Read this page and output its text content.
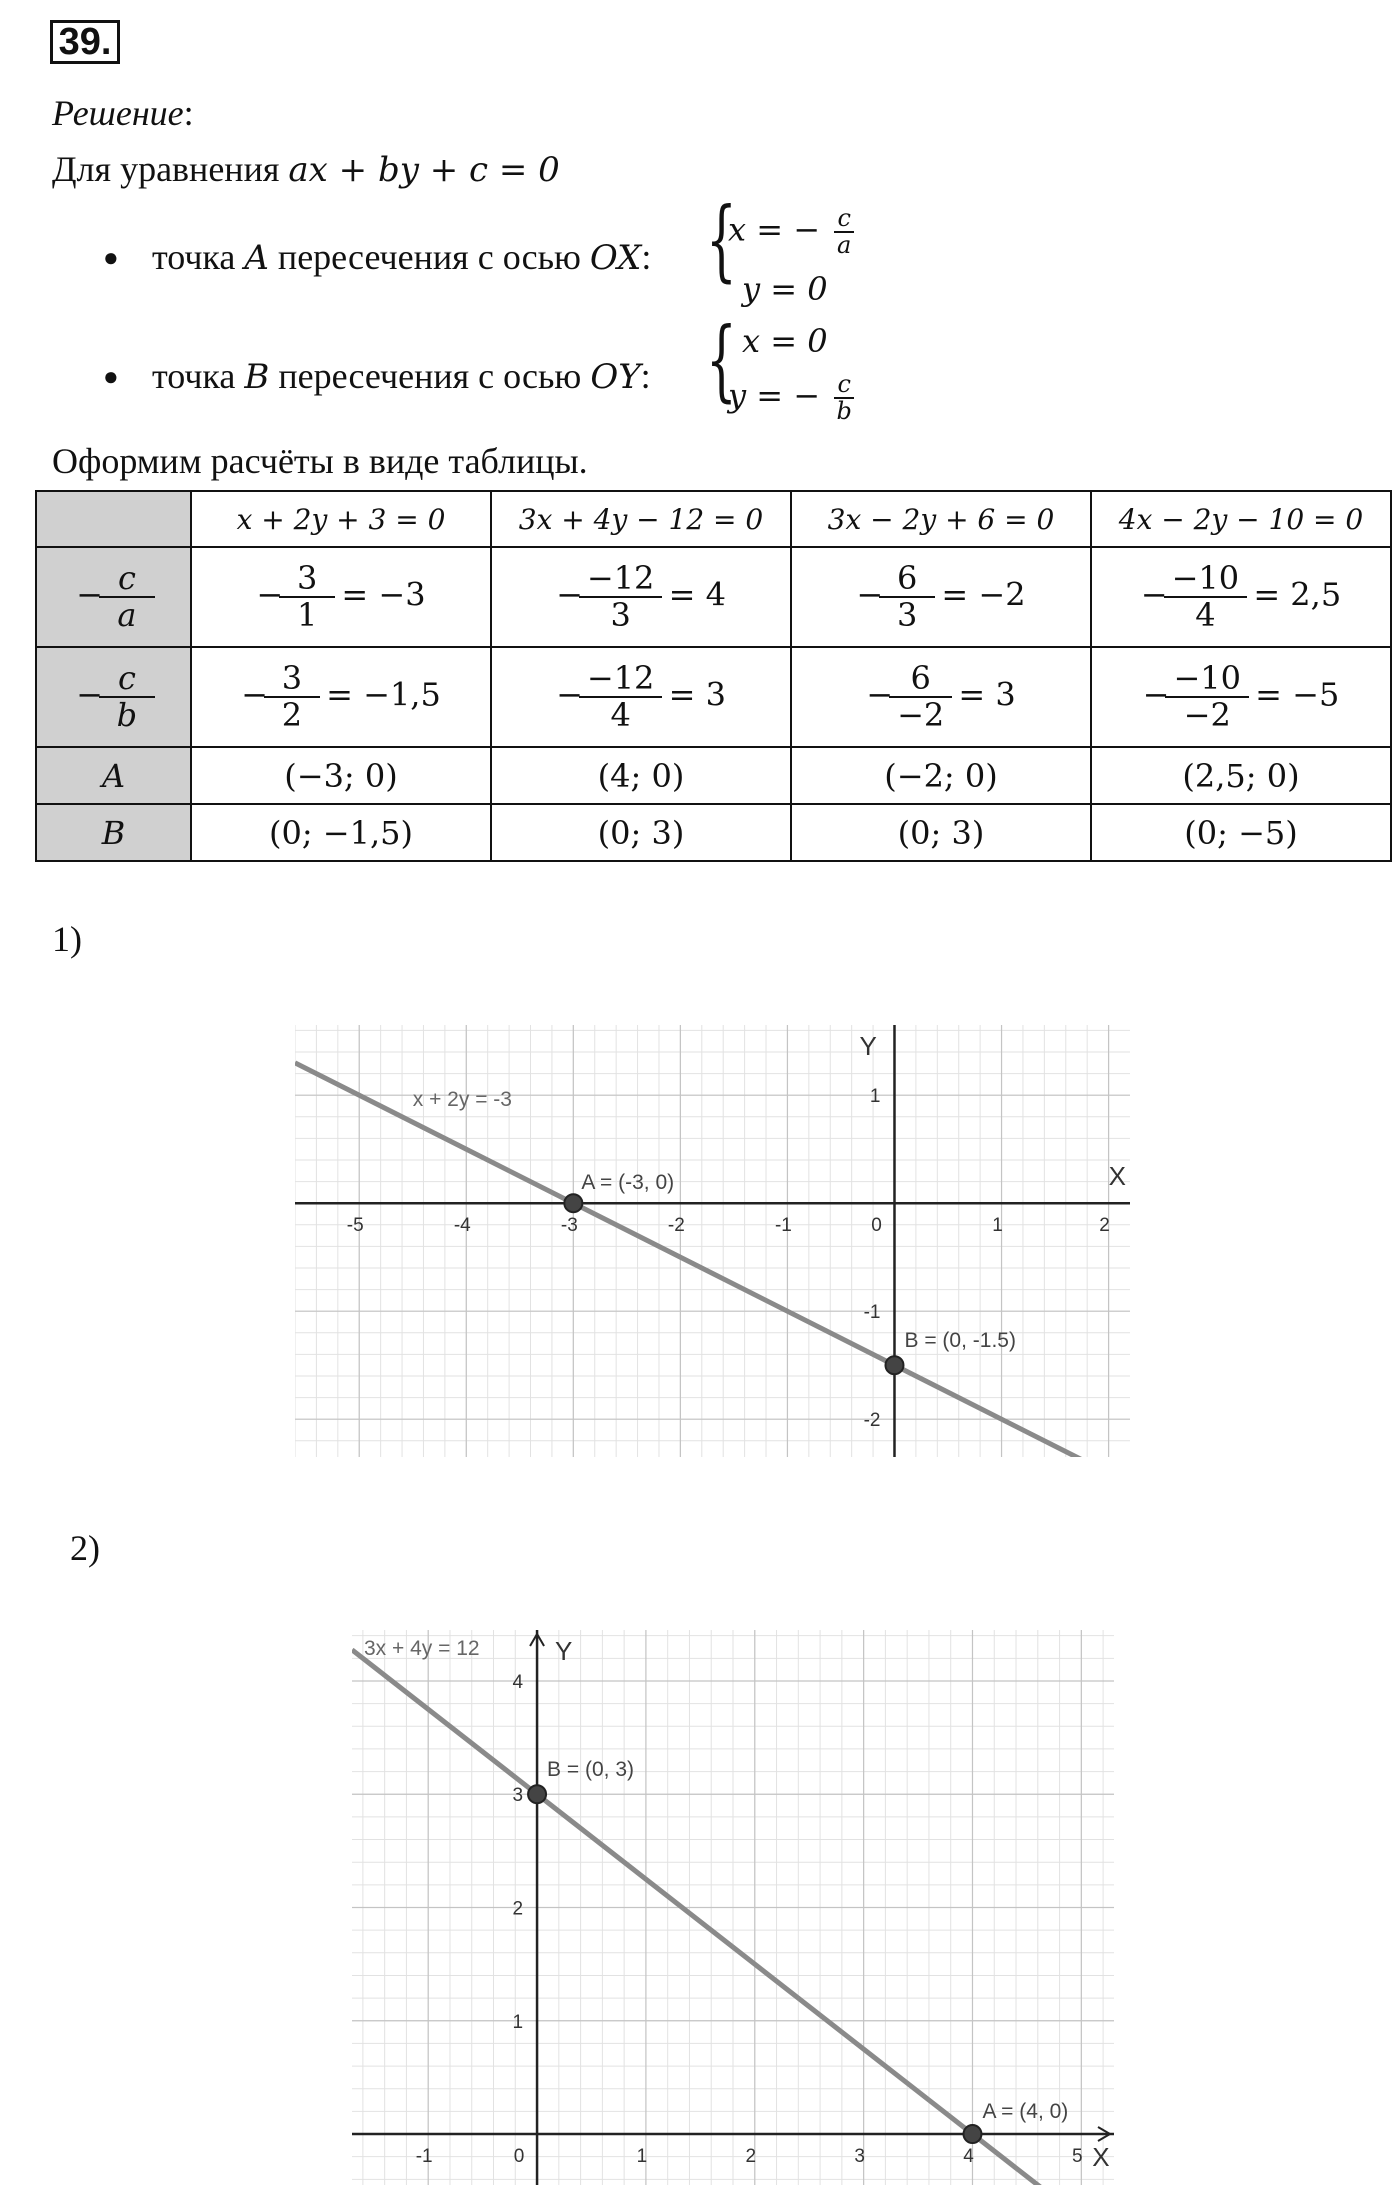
39.
Решение:
Для уравнения ax + by + c = 0
● точка A пересечения с осью OX: {
x = − $\frac{c}{a}$
y = 0
● точка B пересечения с осью OY: { x = 0
y = − $\frac{c}{b}$
Оформим расчёты в виде таблицы.
	x + 2y + 3 = 0	3x + 4y − 12 = 0	3x − 2y + 6 = 0	4x − 2y − 10 = 0
− $\frac{c}{a}$	− $\frac{3}{1} = -3$	− $\frac{-12}{3} = 4$	− $\frac{6}{3} = -2$	− $\frac{-10}{4} = 2,5$
− $\frac{c}{b}$	− $\frac{3}{2} = -1,5$	− $\frac{-12}{4} = 3$	− $\frac{6}{-2} = 3$	− $\frac{-10}{-2} = -5$
A	(−3; 0)	(4; 0)	(−2; 0)	(2,5; 0)
B	(0; −1,5)	(0; 3)	(0; 3)	(0; −5)
1)
-5	-4	-3	-2	-1	0	1	2
1
-1
-2
X
Y
x + 2y = -3
A = (-3, 0)
B = (0, -1.5)
2)
-1	0	1	2	3	4	5
4
3
2
1
X
Y
3x + 4y = 12
B = (0, 3)
A = (4, 0)
